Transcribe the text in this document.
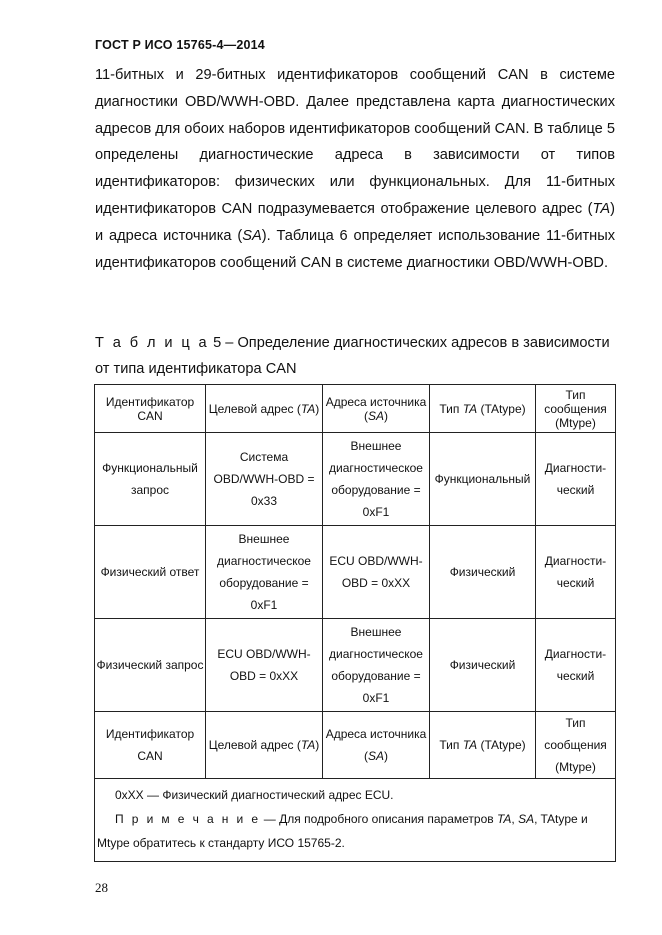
ГОСТ Р ИСО 15765-4—2014

11-битных и 29-битных идентификаторов сообщений CAN в системе диагностики OBD/WWH-OBD. Далее представлена карта диагностических адресов для обоих наборов идентификаторов сообщений CAN. В таблице 5 определены диагностические адреса в зависимости от типов идентификаторов: физических или функциональных. Для 11-битных идентификаторов CAN подразумевается отображение целевого адрес (TA) и адреса источника (SA). Таблица 6 определяет использование 11-битных идентификаторов сообщений CAN в системе диагностики OBD/WWH-OBD.

Т а б л и ц а 5 – Определение диагностических адресов в зависимости от типа идентификатора CAN
Идентификатор CAN	Целевой адрес (TA)	Адреса источника (SA)	Тип TA (TAtype)	Тип сообщения (Mtype)
Функциональный запрос	Система OBD/WWH-OBD = 0x33	Внешнее диагностическое оборудование = 0xF1	Функциональный	Диагности-ческий
Физический ответ	Внешнее диагностическое оборудование = 0xF1	ECU OBD/WWH-OBD = 0xXX	Физический	Диагности-ческий
Физический запрос	ECU OBD/WWH-OBD = 0xXX	Внешнее диагностическое оборудование = 0xF1	Физический	Диагности-ческий
Идентификатор CAN	Целевой адрес (TA)	Адреса источника (SA)	Тип TA (TAtype)	Тип сообщения (Mtype)

0xXX — Физический диагностический адрес ECU.
П р и м е ч а н и е — Для подробного описания параметров TA, SA, TAtype и Mtype обратитесь к стандарту ИСО 15765-2.				
28
